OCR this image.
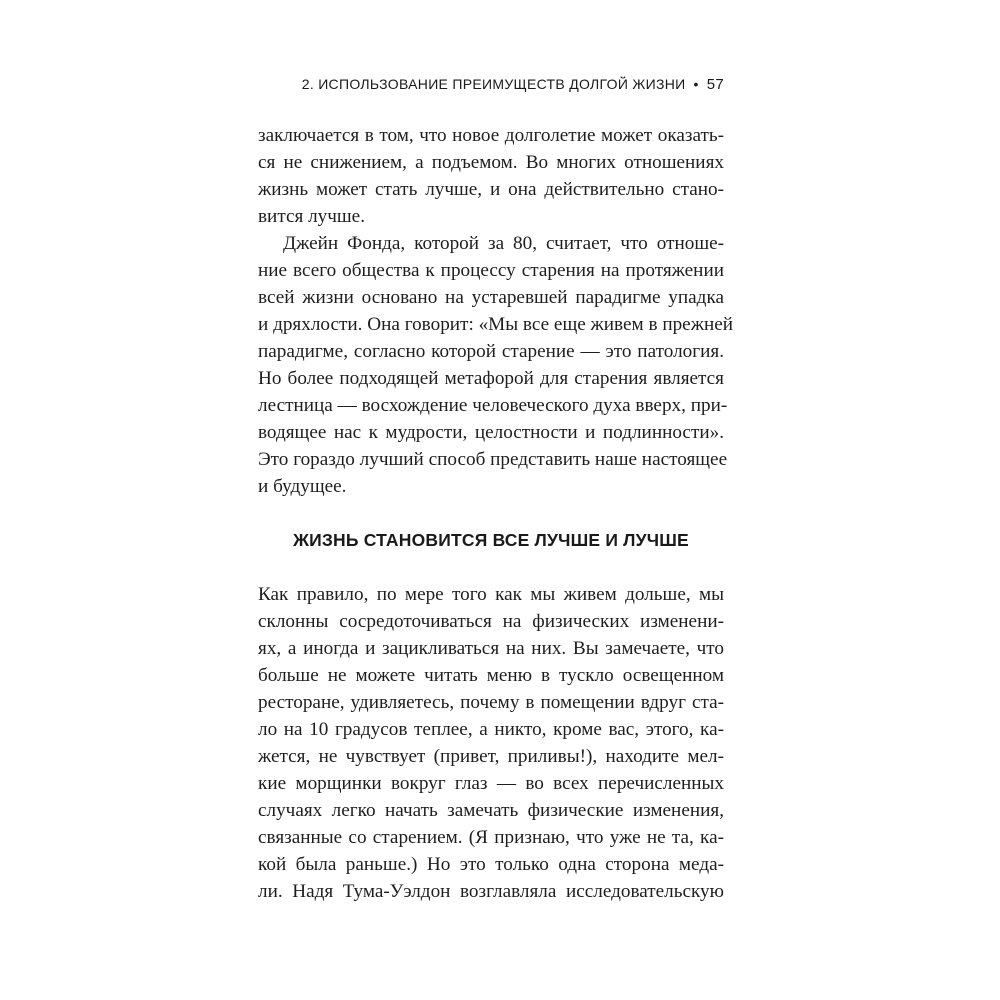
2. ИСПОЛЬЗОВАНИЕ ПРЕИМУЩЕСТВ ДОЛГОЙ ЖИЗНИ • 57
заключается в том, что новое долголетие может оказать-
ся не снижением, а подъемом. Во многих отношениях
жизнь может стать лучше, и она действительно стано-
вится лучше.
Джейн Фонда, которой за 80, считает, что отноше-
ние всего общества к процессу старения на протяжении
всей жизни основано на устаревшей парадигме упадка
и дряхлости. Она говорит: «Мы все еще живем в прежней
парадигме, согласно которой старение — это патология.
Но более подходящей метафорой для старения является
лестница — восхождение человеческого духа вверх, при-
водящее нас к мудрости, целостности и подлинности».
Это гораздо лучший способ представить наше настоящее
и будущее.
ЖИЗНЬ СТАНОВИТСЯ ВСЕ ЛУЧШЕ И ЛУЧШЕ
Как правило, по мере того как мы живем дольше, мы
склонны сосредоточиваться на физических изменени-
ях, а иногда и зацикливаться на них. Вы замечаете, что
больше не можете читать меню в тускло освещенном
ресторане, удивляетесь, почему в помещении вдруг ста-
ло на 10 градусов теплее, а никто, кроме вас, этого, ка-
жется, не чувствует (привет, приливы!), находите мел-
кие морщинки вокруг глаз — во всех перечисленных
случаях легко начать замечать физические изменения,
связанные со старением. (Я признаю, что уже не та, ка-
кой была раньше.) Но это только одна сторона меда-
ли. Надя Тума-Уэлдон возглавляла исследовательскую
